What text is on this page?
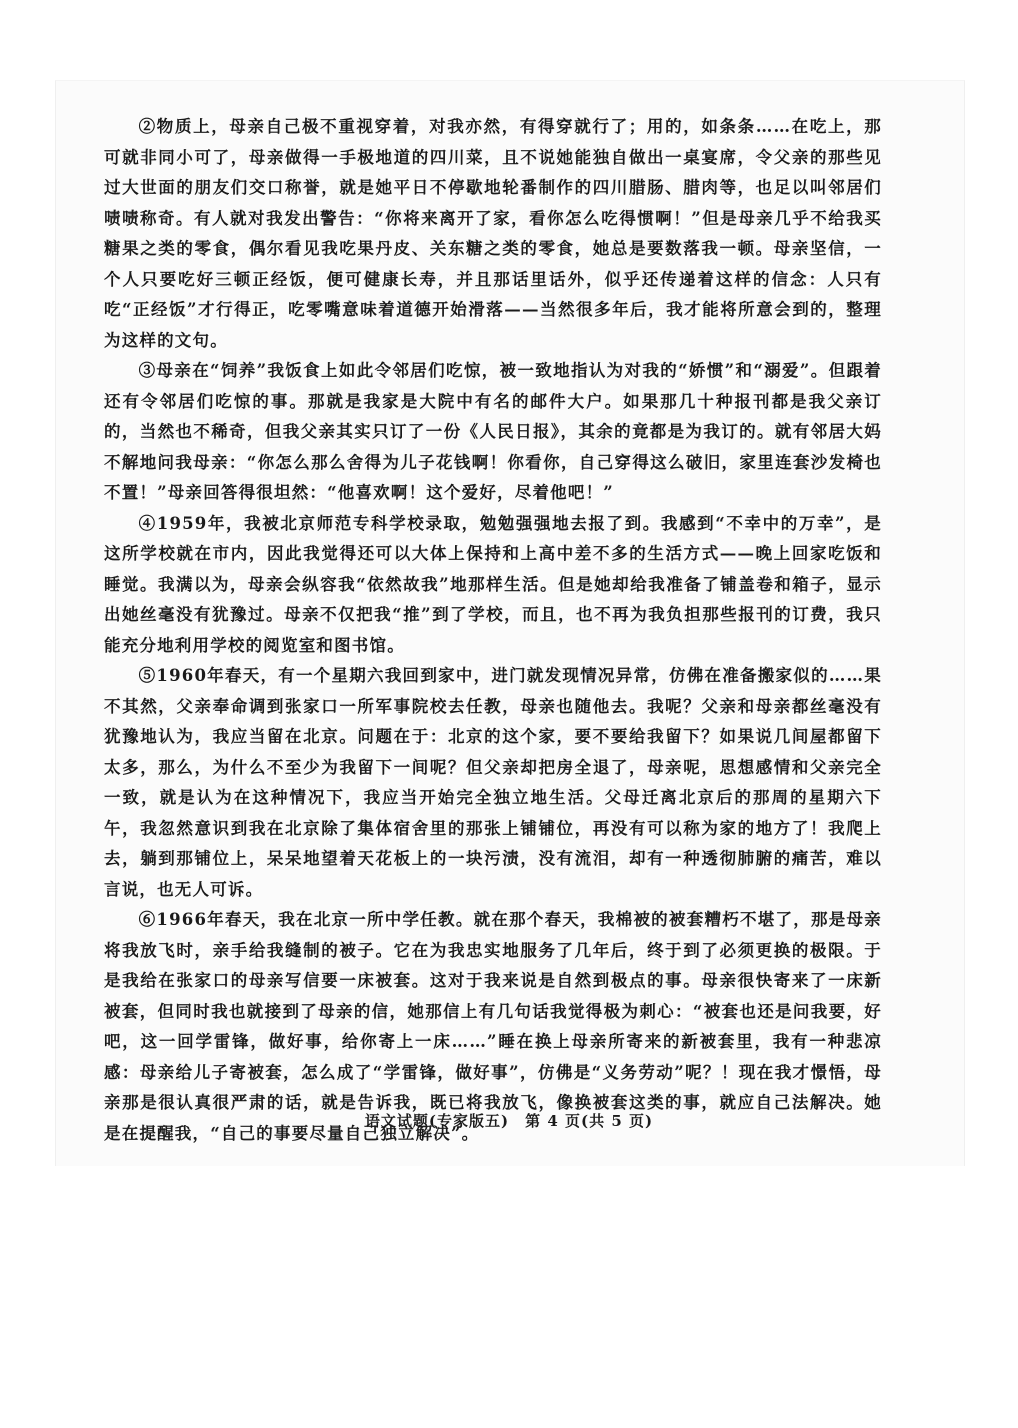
②物质上，母亲自己极不重视穿着，对我亦然，有得穿就行了；用的，如条条……在吃上，那可就非同小可了，母亲做得一手极地道的四川菜，且不说她能独自做出一桌宴席，令父亲的那些见过大世面的朋友们交口称誉，就是她平日不停歇地轮番制作的四川腊肠、腊肉等，也足以叫邻居们啧啧称奇。有人就对我发出警告：“你将来离开了家，看你怎么吃得惯啊！”但是母亲几乎不给我买糖果之类的零食，偶尔看见我吃果丹皮、关东糖之类的零食，她总是要数落我一顿。母亲坚信，一个人只要吃好三顿正经饭，便可健康长寿，并且那话里话外，似乎还传递着这样的信念：人只有吃“正经饭”才行得正，吃零嘴意味着道德开始滑落——当然很多年后，我才能将所意会到的，整理为这样的文句。

③母亲在“饲养”我饭食上如此令邻居们吃惊，被一致地指认为对我的“娇惯”和“溺爱”。但跟着还有令邻居们吃惊的事。那就是我家是大院中有名的邮件大户。如果那几十种报刊都是我父亲订的，当然也不稀奇，但我父亲其实只订了一份《人民日报》，其余的竟都是为我订的。就有邻居大妈不解地问我母亲：“你怎么那么舍得为儿子花钱啊！你看你，自己穿得这么破旧，家里连套沙发椅也不置！”母亲回答得很坦然：“他喜欢啊！这个爱好，尽着他吧！”

④1959年，我被北京师范专科学校录取，勉勉强强地去报了到。我感到“不幸中的万幸”，是这所学校就在市内，因此我觉得还可以大体上保持和上高中差不多的生活方式——晚上回家吃饭和睡觉。我满以为，母亲会纵容我“依然故我”地那样生活。但是她却给我准备了铺盖卷和箱子，显示出她丝毫没有犹豫过。母亲不仅把我“推”到了学校，而且，也不再为我负担那些报刊的订费，我只能充分地利用学校的阅览室和图书馆。

⑤1960年春天，有一个星期六我回到家中，进门就发现情况异常，仿佛在准备搬家似的……果不其然，父亲奉命调到张家口一所军事院校去任教，母亲也随他去。我呢？父亲和母亲都丝毫没有犹豫地认为，我应当留在北京。问题在于：北京的这个家，要不要给我留下？如果说几间屋都留下太多，那么，为什么不至少为我留下一间呢？但父亲却把房全退了，母亲呢，思想感情和父亲完全一致，就是认为在这种情况下，我应当开始完全独立地生活。父母迁离北京后的那周的星期六下午，我忽然意识到我在北京除了集体宿舍里的那张上铺铺位，再没有可以称为家的地方了！我爬上去，躺到那铺位上，呆呆地望着天花板上的一块污渍，没有流泪，却有一种透彻肺腑的痛苦，难以言说，也无人可诉。

⑥1966年春天，我在北京一所中学任教。就在那个春天，我棉被的被套糟朽不堪了，那是母亲将我放飞时，亲手给我缝制的被子。它在为我忠实地服务了几年后，终于到了必须更换的极限。于是我给在张家口的母亲写信要一床被套。这对于我来说是自然到极点的事。母亲很快寄来了一床新被套，但同时我也就接到了母亲的信，她那信上有几句话我觉得极为刺心：“被套也还是问我要，好吧，这一回学雷锋，做好事，给你寄上一床……”睡在换上母亲所寄来的新被套里，我有一种悲凉感：母亲给儿子寄被套，怎么成了“学雷锋，做好事”，仿佛是“义务劳动”呢？！现在我才憬悟，母亲那是很认真很严肃的话，就是告诉我，既已将我放飞，像换被套这类的事，就应自己法解决。她是在提醒我，“自己的事要尽量自己独立解决”。

语文试题(专家版五)　第 4 页(共 5 页)
